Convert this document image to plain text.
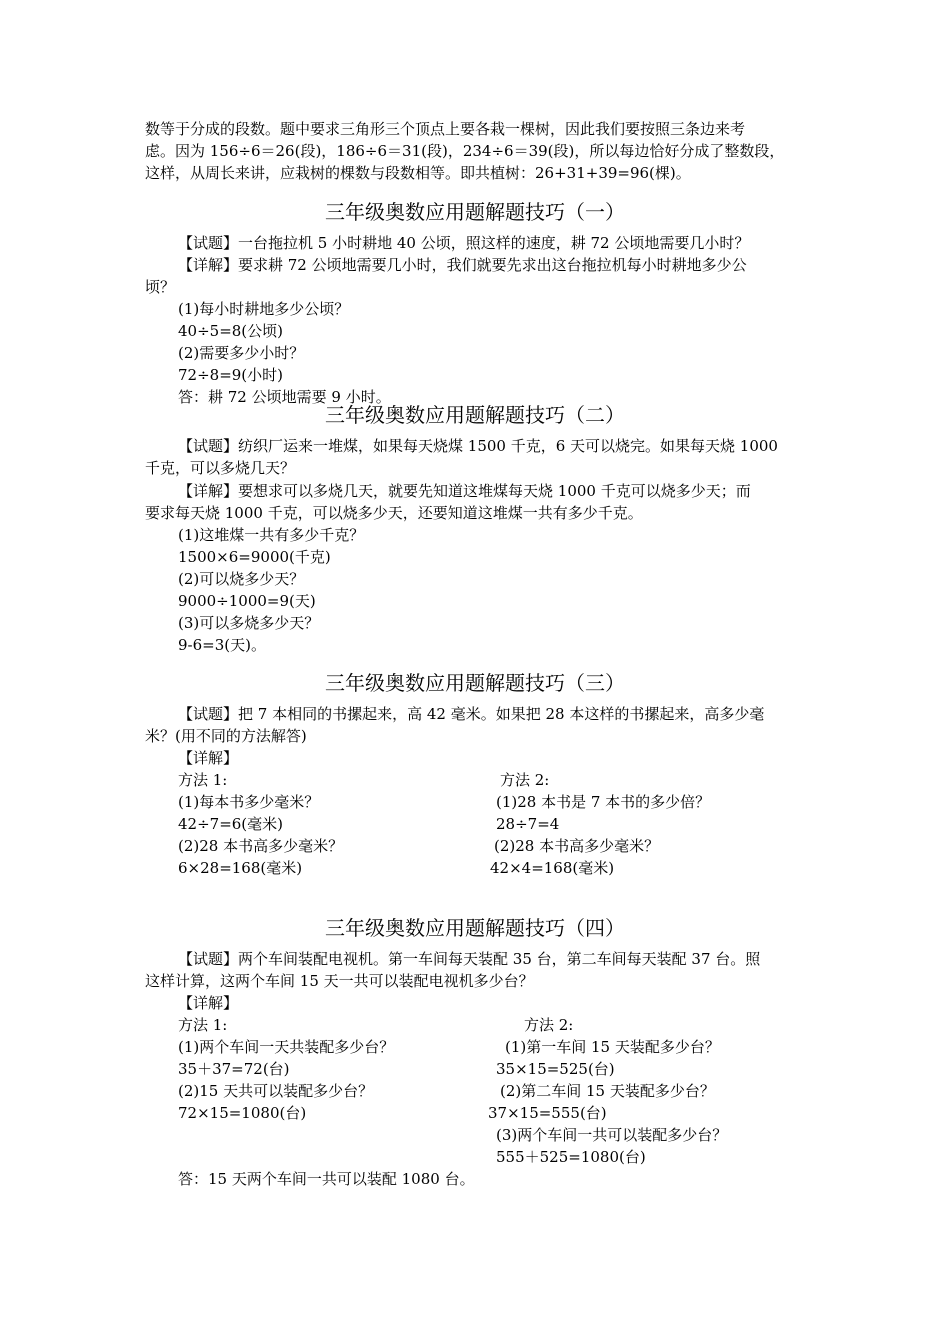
数等于分成的段数。题中要求三角形三个顶点上要各栽一棵树，因此我们要按照三条边来考
虑。因为 156÷6＝26(段)，186÷6＝31(段)，234÷6＝39(段)，所以每边恰好分成了整数段，
这样，从周长来讲，应栽树的棵数与段数相等。即共植树：26+31+39=96(棵)。
三年级奥数应用题解题技巧（一）
【试题】一台拖拉机 5 小时耕地 40 公顷，照这样的速度，耕 72 公顷地需要几小时？
【详解】要求耕 72 公顷地需要几小时，我们就要先求出这台拖拉机每小时耕地多少公
顷？
(1)每小时耕地多少公顷？
40÷5=8(公顷)
(2)需要多少小时？
72÷8=9(小时)
答：耕 72 公顷地需要 9 小时。
三年级奥数应用题解题技巧（二）
【试题】纺织厂运来一堆煤，如果每天烧煤 1500 千克，6 天可以烧完。如果每天烧 1000
千克，可以多烧几天？
【详解】要想求可以多烧几天，就要先知道这堆煤每天烧 1000 千克可以烧多少天；而
要求每天烧 1000 千克，可以烧多少天，还要知道这堆煤一共有多少千克。
(1)这堆煤一共有多少千克？
1500×6=9000(千克)
(2)可以烧多少天？
9000÷1000=9(天)
(3)可以多烧多少天？
9-6=3(天)。
三年级奥数应用题解题技巧（三）
【试题】把 7 本相同的书摞起来，高 42 毫米。如果把 28 本这样的书摞起来，高多少毫
米？(用不同的方法解答)
【详解】
方法 1:
(1)每本书多少毫米？
42÷7=6(毫米)
(2)28 本书高多少毫米？
6×28=168(毫米)
方法 2:
(1)28 本书是 7 本书的多少倍？
28÷7=4
(2)28 本书高多少毫米？
42×4=168(毫米)
三年级奥数应用题解题技巧（四）
【试题】两个车间装配电视机。第一车间每天装配 35 台，第二车间每天装配 37 台。照
这样计算，这两个车间 15 天一共可以装配电视机多少台？
【详解】
方法 1:
(1)两个车间一天共装配多少台？
35＋37=72(台)
(2)15 天共可以装配多少台？
72×15=1080(台)
方法 2:
(1)第一车间 15 天装配多少台？
35×15=525(台)
(2)第二车间 15 天装配多少台？
37×15=555(台)
(3)两个车间一共可以装配多少台？
555＋525=1080(台)
答：15 天两个车间一共可以装配 1080 台。
